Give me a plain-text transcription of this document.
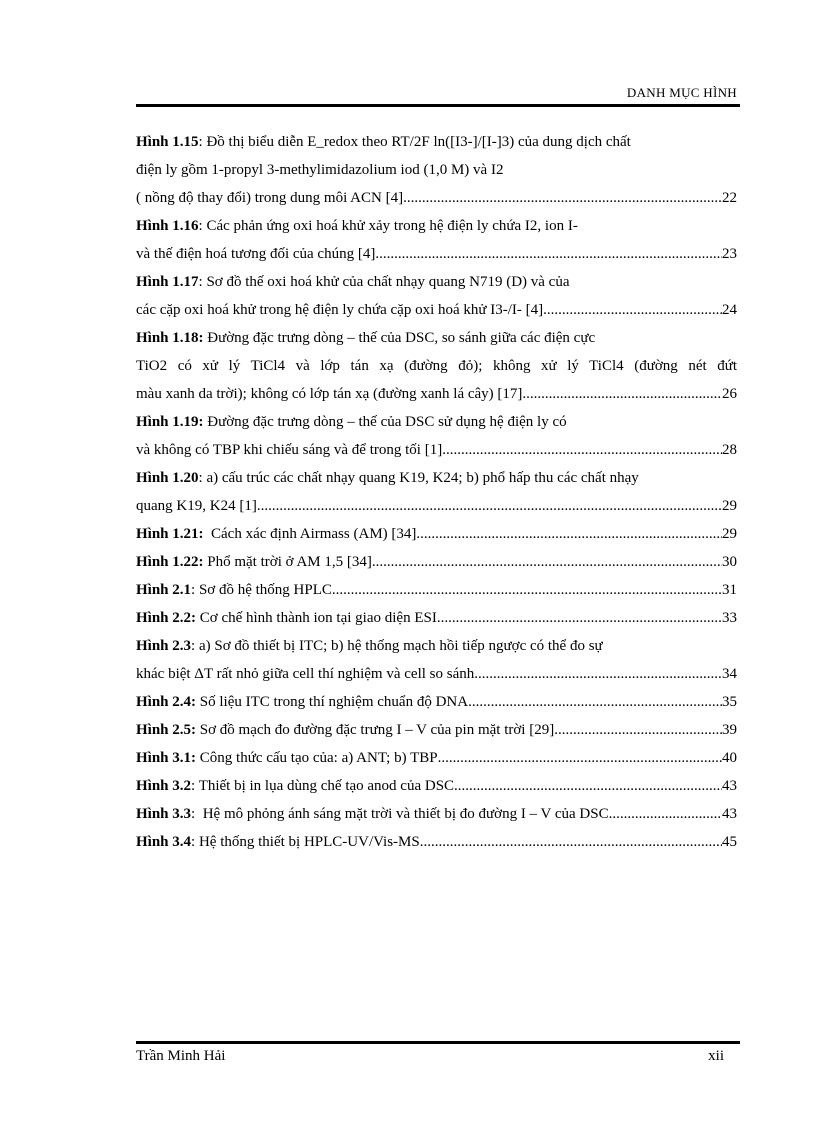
DANH MỤC HÌNH
Hình 1.15: Đồ thị biểu diễn E_redox theo RT/2F ln([I3-]/[I-]3) của dung dịch chất
điện ly gồm 1-propyl 3-methylimidazolium iod (1,0 M) và I2
( nồng độ thay đổi) trong dung môi ACN [4] .....	22
Hình 1.16: Các phản ứng oxi hoá khử xảy trong hệ điện ly chứa I2, ion I-
và thế điện hoá tương đối của chúng [4] .....	23
Hình 1.17: Sơ đồ thế oxi hoá khử của chất nhạy quang N719 (D) và của
các cặp oxi hoá khử trong hệ điện ly chứa cặp oxi hoá khử I3-/I- [4] .....	24
Hình 1.18: Đường đặc trưng dòng – thế của DSC, so sánh giữa các điện cực
TiO2 có xử lý TiCl4 và lớp tán xạ (đường đỏ); không xử lý TiCl4 (đường nét đứt
màu xanh da trời); không có lớp tán xạ (đường xanh lá cây) [17] .....	26
Hình 1.19: Đường đặc trưng dòng – thế của DSC sử dụng hệ điện ly có
và không có TBP khi chiếu sáng và để trong tối [1] .....	28
Hình 1.20: a) cấu trúc các chất nhạy quang K19, K24; b) phổ hấp thu các chất nhạy
quang K19, K24 [1] .....	29
Hình 1.21: Cách xác định Airmass (AM) [34] .....	29
Hình 1.22: Phổ mặt trời ở AM 1,5 [34] .....	30
Hình 2.1: Sơ đồ hệ thống HPLC .....	31
Hình 2.2: Cơ chế hình thành ion tại giao diện ESI .....	33
Hình 2.3: a) Sơ đồ thiết bị ITC; b) hệ thống mạch hồi tiếp ngược có thể đo sự
khác biệt ΔT rất nhỏ giữa cell thí nghiệm và cell so sánh .....	34
Hình 2.4: Số liệu ITC trong thí nghiệm chuẩn độ DNA .....	35
Hình 2.5: Sơ đồ mạch đo đường đặc trưng I – V của pin mặt trời [29] .....	39
Hình 3.1: Công thức cấu tạo của: a) ANT; b) TBP .....	40
Hình 3.2: Thiết bị in lụa dùng chế tạo anod của DSC .....	43
Hình 3.3:  Hệ mô phỏng ánh sáng mặt trời và thiết bị đo đường I – V của DSC .....	43
Hình 3.4: Hệ thống thiết bị HPLC-UV/Vis-MS .....	45
Trần Minh Hải	xii
